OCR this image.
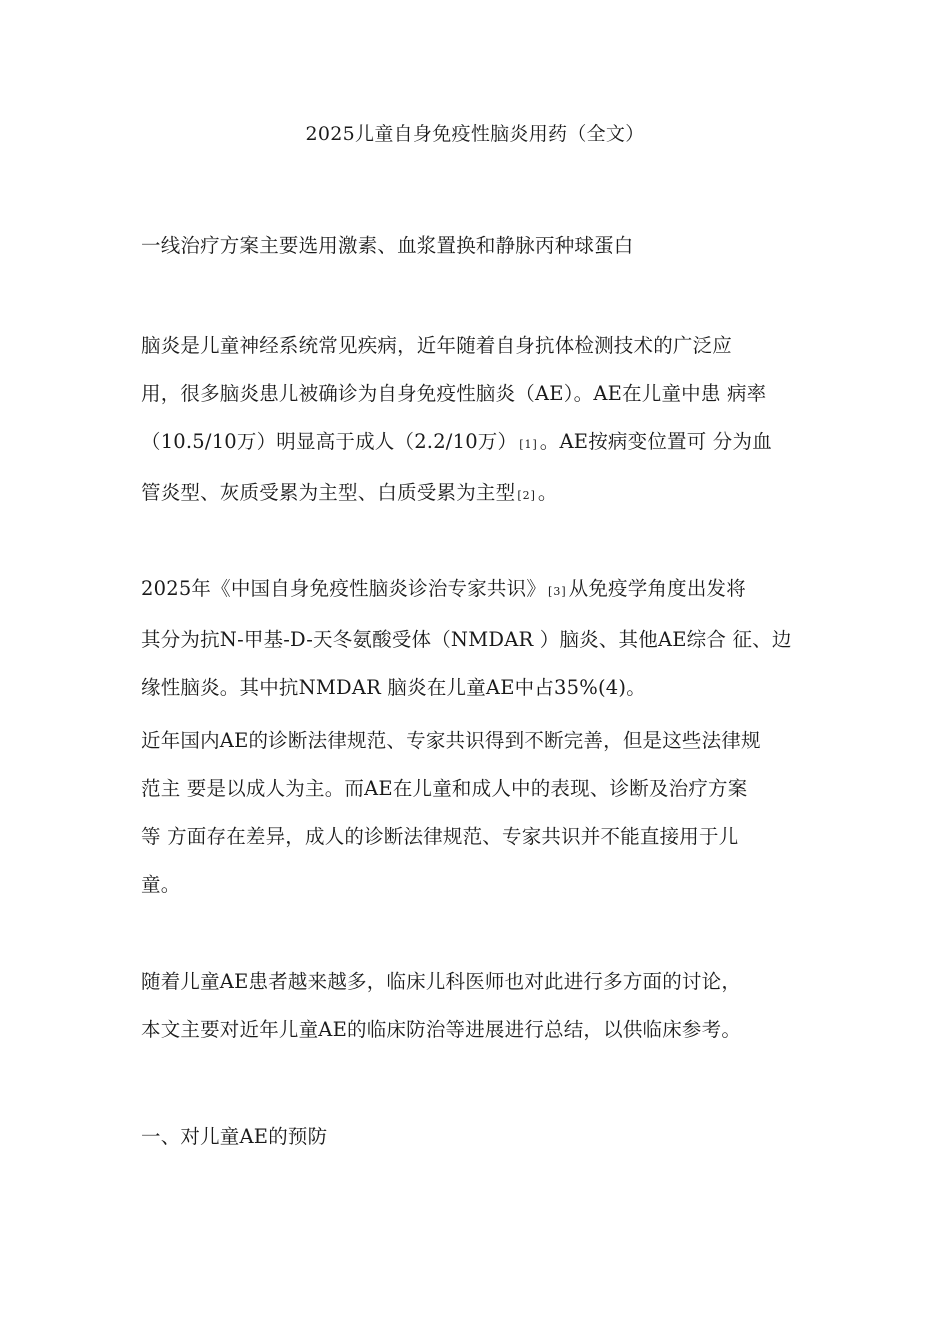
2025儿童自身免疫性脑炎用药（全文）

一线治疗方案主要选用激素、血浆置换和静脉丙种球蛋白

脑炎是儿童神经系统常见疾病，近年随着自身抗体检测技术的广泛应
用，很多脑炎患儿被确诊为自身免疫性脑炎（AE）。AE在儿童中患 病率
（10.5/10万）明显高于成人（2.2/10万） [1] 。AE按病变位置可 分为血
管炎型、灰质受累为主型、白质受累为主型 [2] 。

2025年《中国自身免疫性脑炎诊治专家共识》 [3] 从免疫学角度出发将
其分为抗N-甲基-D-天冬氨酸受体（NMDAR ）脑炎、其他AE综合 征、边
缘性脑炎。其中抗NMDAR 脑炎在儿童AE中占35%(4)。

近年国内AE的诊断法律规范、专家共识得到不断完善，但是这些法律规
范主 要是以成人为主。而AE在儿童和成人中的表现、诊断及治疗方案
等 方面存在差异，成人的诊断法律规范、专家共识并不能直接用于儿
童。

随着儿童AE患者越来越多，临床儿科医师也对此进行多方面的讨论，
本文主要对近年儿童AE的临床防治等进展进行总结，以供临床参考。

一、对儿童AE的预防
